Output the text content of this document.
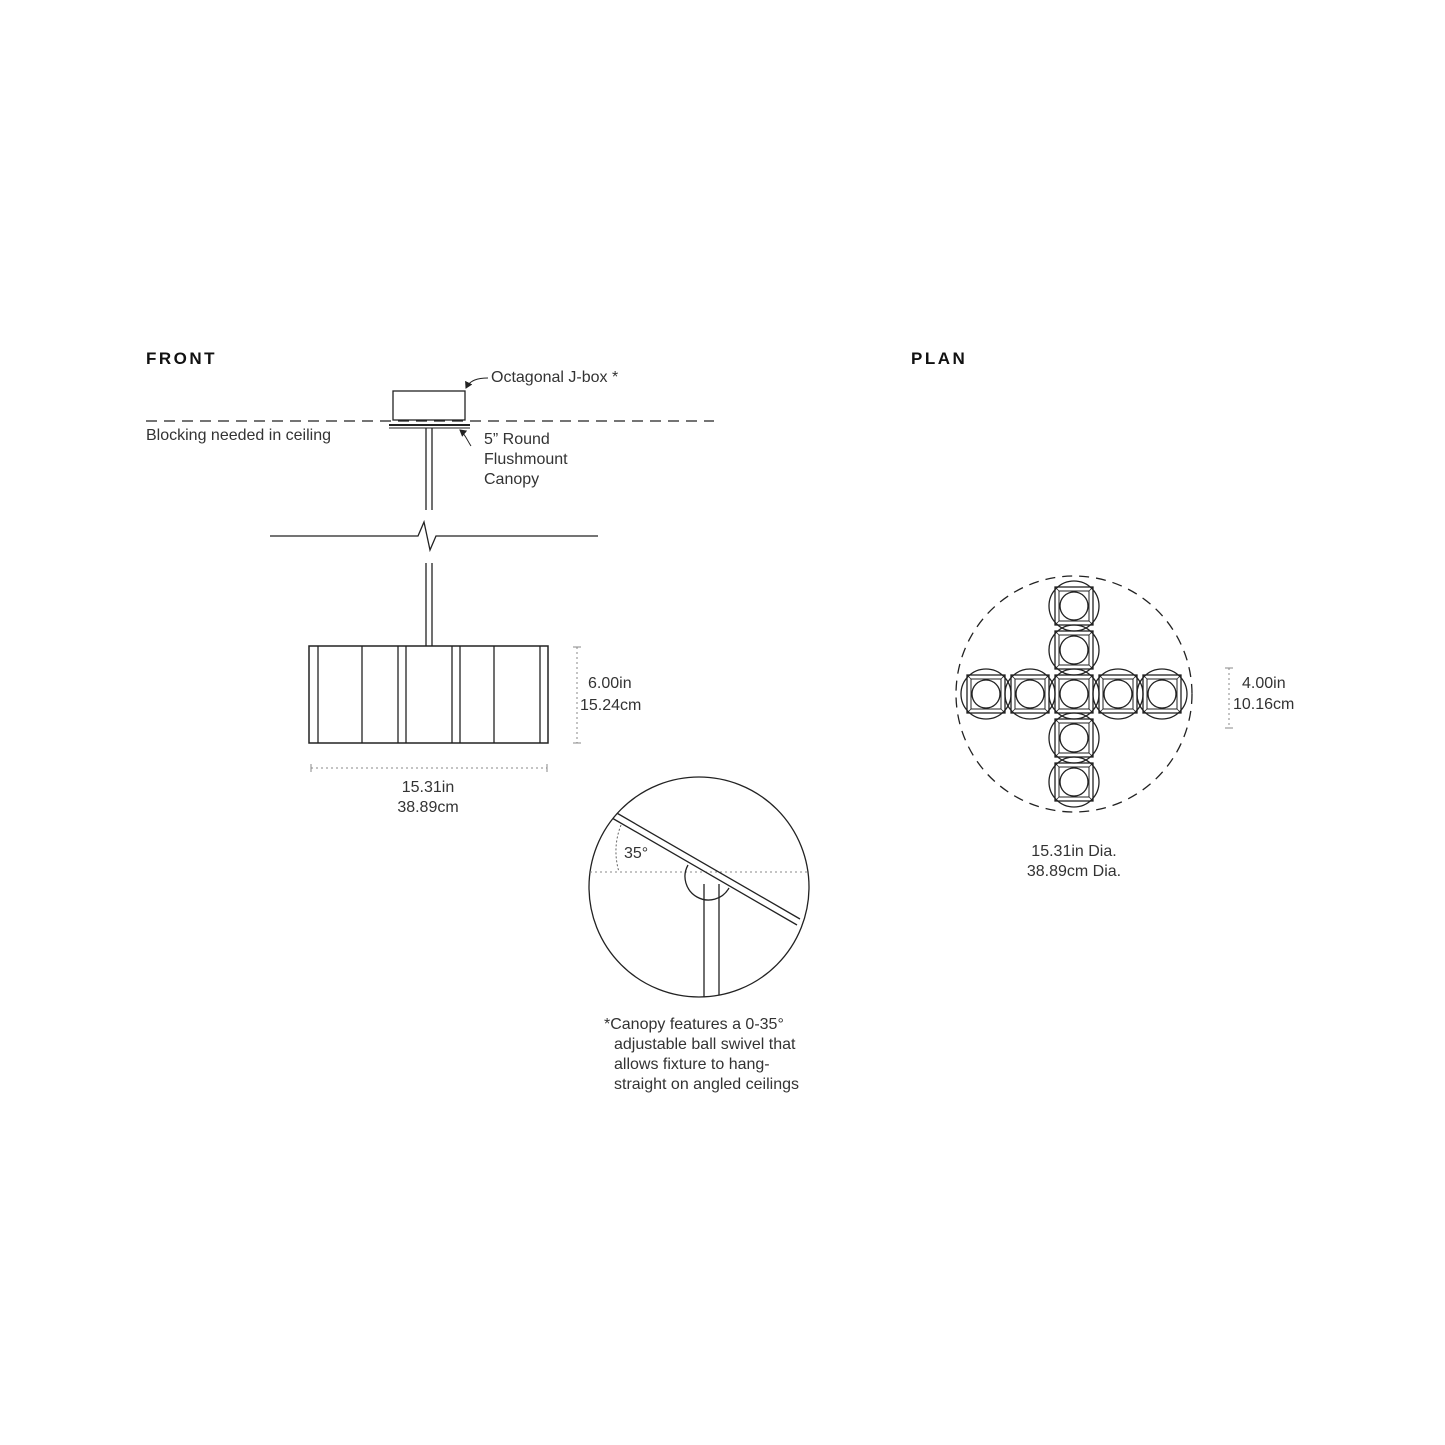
FRONT	PLAN
Octagonal J-box *
Blocking needed in ceiling	5” Round
Flushmount
Canopy
6.00in
15.24cm
15.31in
38.89cm
35°
*Canopy features a 0-35°
adjustable ball swivel that
allows fixture to hang-
straight on angled ceilings
4.00in
10.16cm
15.31in Dia.
38.89cm Dia.
